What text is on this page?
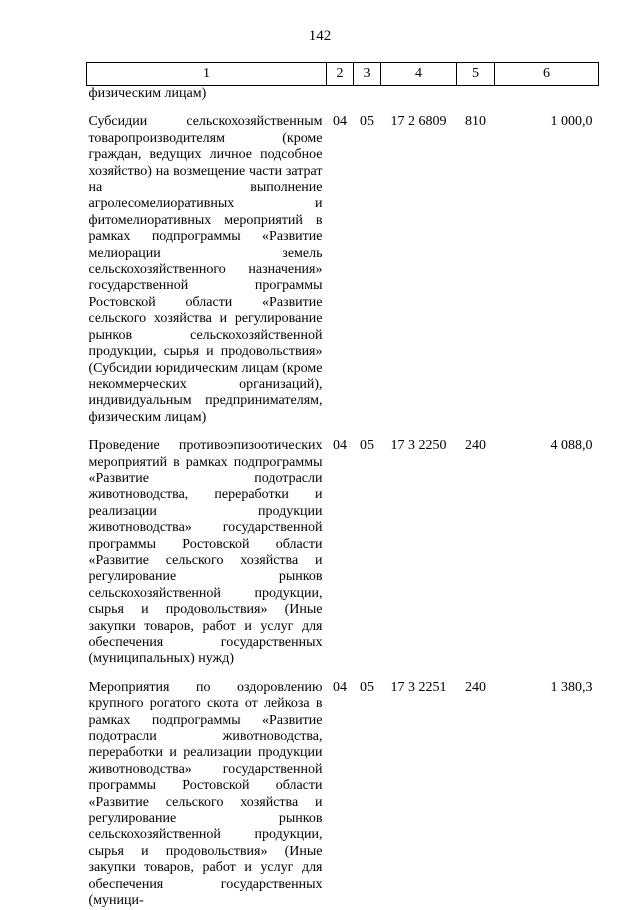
142
1	2	3	4	5	6
физическим лицам)					

Субсидии сельскохозяйственным товаропроизводителям (кроме граждан, ведущих личное подсобное хозяйство) на возмещение части затрат на выполнение агролесомелиоративных и фитомелиоративных мероприятий в рамках подпрограммы «Развитие мелиорации земель сельскохозяйственного назначения» государственной программы Ростовской области «Развитие сельского хозяйства и регулирование рынков сельскохозяйственной продукции, сырья и продовольствия» (Субсидии юридическим лицам (кроме некоммерческих организаций), индивидуальным предпринимателям, физическим лицам)	04	05	17 2 6809	810	1 000,0

Проведение противоэпизоотических мероприятий в рамках подпрограммы «Развитие подотрасли животноводства, переработки и реализации продукции животноводства» государственной программы Ростовской области «Развитие сельского хозяйства и регулирование рынков сельскохозяйственной продукции, сырья и продовольствия» (Иные закупки товаров, работ и услуг для обеспечения государственных (муниципальных) нужд)	04	05	17 3 2250	240	4 088,0

Мероприятия по оздоровлению крупного рогатого скота от лейкоза в рамках подпрограммы «Развитие подотрасли животноводства, переработки и реализации продукции животноводства» государственной программы Ростовской области «Развитие сельского хозяйства и регулирование рынков сельскохозяйственной продукции, сырья и продовольствия» (Иные закупки товаров, работ и услуг для обеспечения государственных (муници-	04	05	17 3 2251	240	1 380,3
